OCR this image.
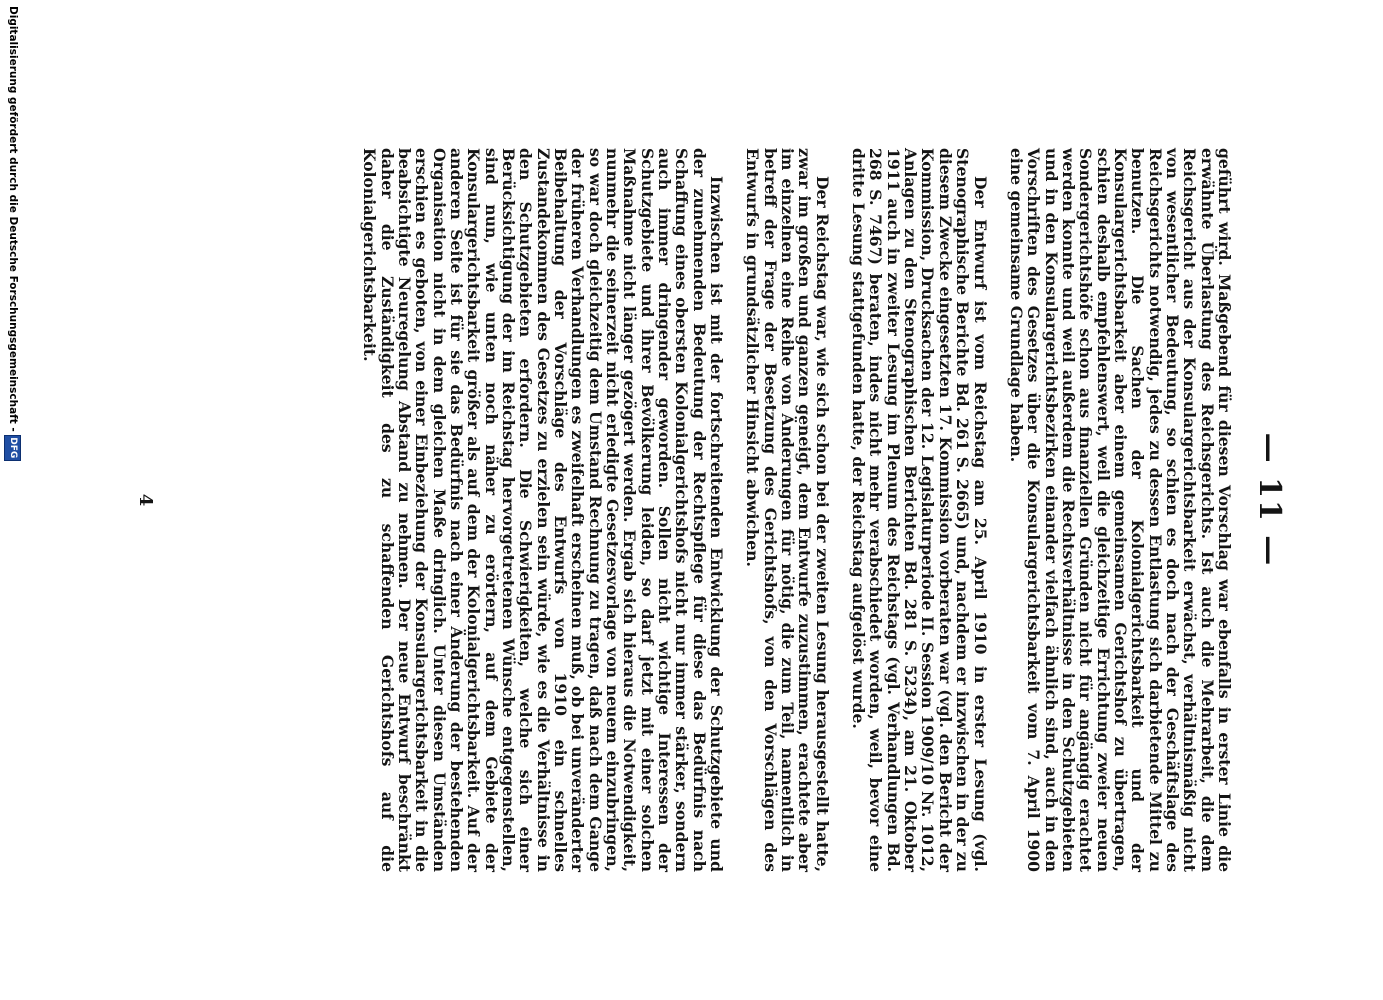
— 11 —

geführt wird. Maßgebend für diesen Vorschlag war ebenfalls in erster Linie die erwähnte Überlastung des Reichsgerichts. Ist auch die Mehrarbeit, die dem Reichsgericht aus der Konsulargerichtsbarkeit erwächst, verhältnismäßig nicht von wesentlicher Bedeutung, so schien es doch nach der Geschäftslage des Reichsgerichts notwendig, jedes zu dessen Entlastung sich darbietende Mittel zu benutzen. Die Sachen der Kolonialgerichtsbarkeit und der Konsulargerichtsbarkeit aber einem gemeinsamen Gerichtshof zu übertragen, schien deshalb empfehlenswert, weil die gleichzeitige Errichtung zweier neuen Sondergerichtshöfe schon aus finanziellen Gründen nicht für angängig erachtet werden konnte und weil außerdem die Rechtsverhältnisse in den Schutzgebieten und in den Konsulargerichtsbezirken einander vielfach ähnlich sind, auch in den Vorschriften des Gesetzes über die Konsulargerichtsbarkeit vom 7. April 1900 eine gemeinsame Grundlage haben.

Der Entwurf ist vom Reichstag am 25. April 1910 in erster Lesung (vgl. Stenographische Berichte Bd. 261 S. 2665) und, nachdem er inzwischen in der zu diesem Zwecke eingesetzten 17. Kommission vorberaten war (vgl. den Bericht der Kommission, Drucksachen der 12. Legislaturperiode II. Session 1909/10 Nr. 1012, Anlagen zu den Stenographischen Berichten Bd. 281 S. 5234), am 21. Oktober 1911 auch in zweiter Lesung im Plenum des Reichstags (vgl. Verhandlungen Bd. 268 S. 7467) beraten, indes nicht mehr verabschiedet worden, weil, bevor eine dritte Lesung stattgefunden hatte, der Reichstag aufgelöst wurde.

Der Reichstag war, wie sich schon bei der zweiten Lesung herausgestellt hatte, zwar im großen und ganzen geneigt, dem Entwurfe zuzustimmen, erachtete aber im einzelnen eine Reihe von Änderungen für nötig, die zum Teil, namentlich in betreff der Frage der Besetzung des Gerichtshofs, von den Vorschlägen des Entwurfs in grundsätzlicher Hinsicht abwichen.

Inzwischen ist mit der fortschreitenden Entwicklung der Schutzgebiete und der zunehmenden Bedeutung der Rechtspflege für diese das Bedürfnis nach Schaffung eines obersten Kolonialgerichtshofs nicht nur immer stärker, sondern auch immer dringender geworden. Sollen nicht wichtige Interessen der Schutzgebiete und ihrer Bevölkerung leiden, so darf jetzt mit einer solchen Maßnahme nicht länger gezögert werden. Ergab sich hieraus die Notwendigkeit, nunmehr die seinerzeit nicht erledigte Gesetzesvorlage von neuem einzubringen, so war doch gleichzeitig dem Umstand Rechnung zu tragen, daß nach dem Gange der früheren Verhandlungen es zweifelhaft erscheinen muß, ob bei unveränderter Beibehaltung der Vorschläge des Entwurfs von 1910 ein schnelles Zustandekommen des Gesetzes zu erzielen sein würde, wie es die Verhältnisse in den Schutzgebieten erfordern. Die Schwierigkeiten, welche sich einer Berücksichtigung der im Reichstag hervorgetretenen Wünsche entgegenstellen, sind nun, wie unten noch näher zu erörtern, auf dem Gebiete der Konsulargerichtsbarkeit größer als auf dem der Kolonialgerichtsbarkeit. Auf der anderen Seite ist für sie das Bedürfnis nach einer Änderung der bestehenden Organisation nicht in dem gleichen Maße dringlich. Unter diesen Umständen erschien es geboten, von einer Einbeziehung der Konsulargerichtsbarkeit in die beabsichtigte Neuregelung Abstand zu nehmen. Der neue Entwurf beschränkt daher die Zuständigkeit des zu schaffenden Gerichtshofs auf die Kolonialgerichtsbarkeit.

4
Digitalisierung gefördert durch die Deutsche Forschungsgemeinschaft -
DFG
